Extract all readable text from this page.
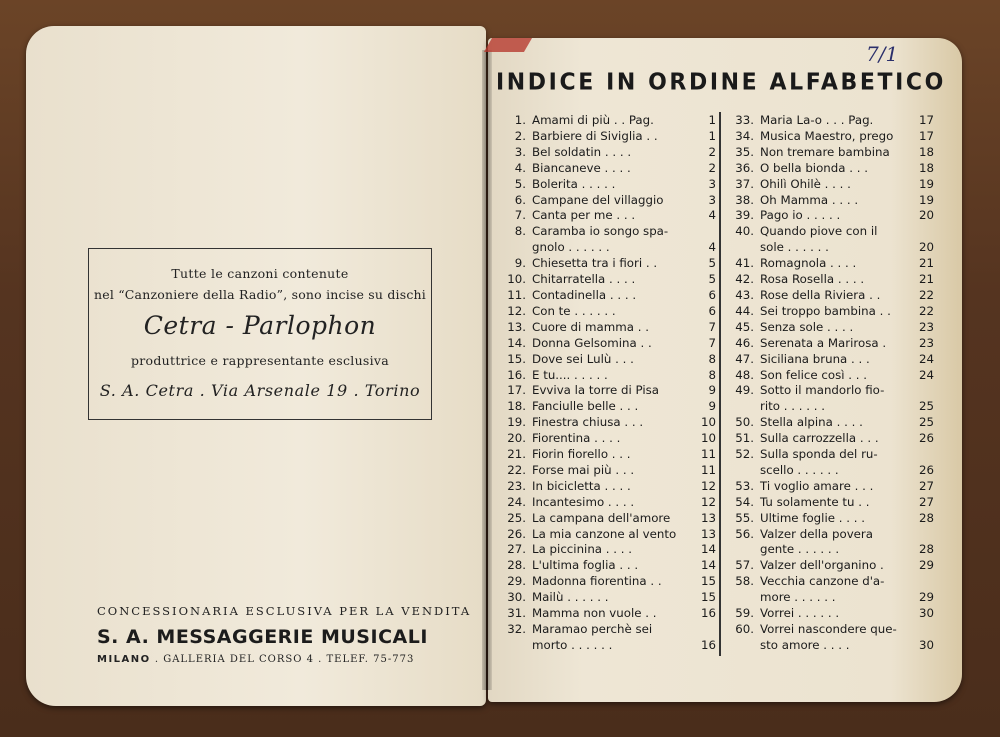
7/1
Tutte le canzoni contenute
nel “Canzoniere della Radio”, sono incise su dischi
Cetra - Parlophon
produttrice e rappresentante esclusiva
S. A. Cetra . Via Arsenale 19 . Torino
CONCESSIONARIA ESCLUSIVA PER LA VENDITA
S. A. MESSAGGERIE MUSICALI
MILANO . GALLERIA DEL CORSO 4 . TELEF. 75-773
INDICE IN ORDINE ALFABETICO
1. Amami di più . . Pag.	1
2. Barbiere di Siviglia . .	1
3. Bel soldatin . . . .	2
4. Biancaneve . . . .	2
5. Bolerita . . . . .	3
6. Campane del villaggio	3
7. Canta per me . . .	4
8. Caramba io songo spa-
gnolo . . . . . .	4
9. Chiesetta tra i fiori . .	5
10. Chitarratella . . . .	5
11. Contadinella . . . .	6
12. Con te . . . . . .	6
13. Cuore di mamma . .	7
14. Donna Gelsomina . .	7
15. Dove sei Lulù . . .	8
16. E tu.... . . . . .	8
17. Evviva la torre di Pisa	9
18. Fanciulle belle . . .	9
19. Finestra chiusa . . .	10
20. Fiorentina . . . .	10
21. Fiorin fiorello . . .	11
22. Forse mai più . . .	11
23. In bicicletta . . . .	12
24. Incantesimo . . . .	12
25. La campana dell'amore	13
26. La mia canzone al vento 13
27. La piccinina . . . .	14
28. L'ultima foglia . . .	14
29. Madonna fiorentina . .	15
30. Mailù . . . . . .	15
31. Mamma non vuole . .	16
32. Maramao perchè sei
morto . . . . . .	16
33. Maria La-o . . . Pag.	17
34. Musica Maestro, prego 17
35. Non tremare bambina 18
36. O bella bionda . . .	18
37. Ohilì Ohilè . . . .	19
38. Oh Mamma . . . .	19
39. Pago io . . . . .	20
40. Quando piove con il
sole . . . . . .	20
41. Romagnola . . . .	21
42. Rosa Rosella . . . .	21
43. Rose della Riviera . .	22
44. Sei troppo bambina . . 22
45. Senza sole . . . .	23
46. Serenata a Marirosa .	23
47. Siciliana bruna . . .	24
48. Son felice così . . .	24
49. Sotto il mandorlo fio-
rito . . . . . .	25
50. Stella alpina . . . .	25
51. Sulla carrozzella . . .	26
52. Sulla sponda del ru-
scello . . . . . .	26
53. Ti voglio amare . . .	27
54. Tu solamente tu . .	27
55. Ultime foglie . . . .	28
56. Valzer della povera
gente . . . . . .	28
57. Valzer dell'organino .	29
58. Vecchia canzone d'a-
more . . . . . .	29
59. Vorrei . . . . . .	30
60. Vorrei nascondere que-
sto amore . . . .	30
